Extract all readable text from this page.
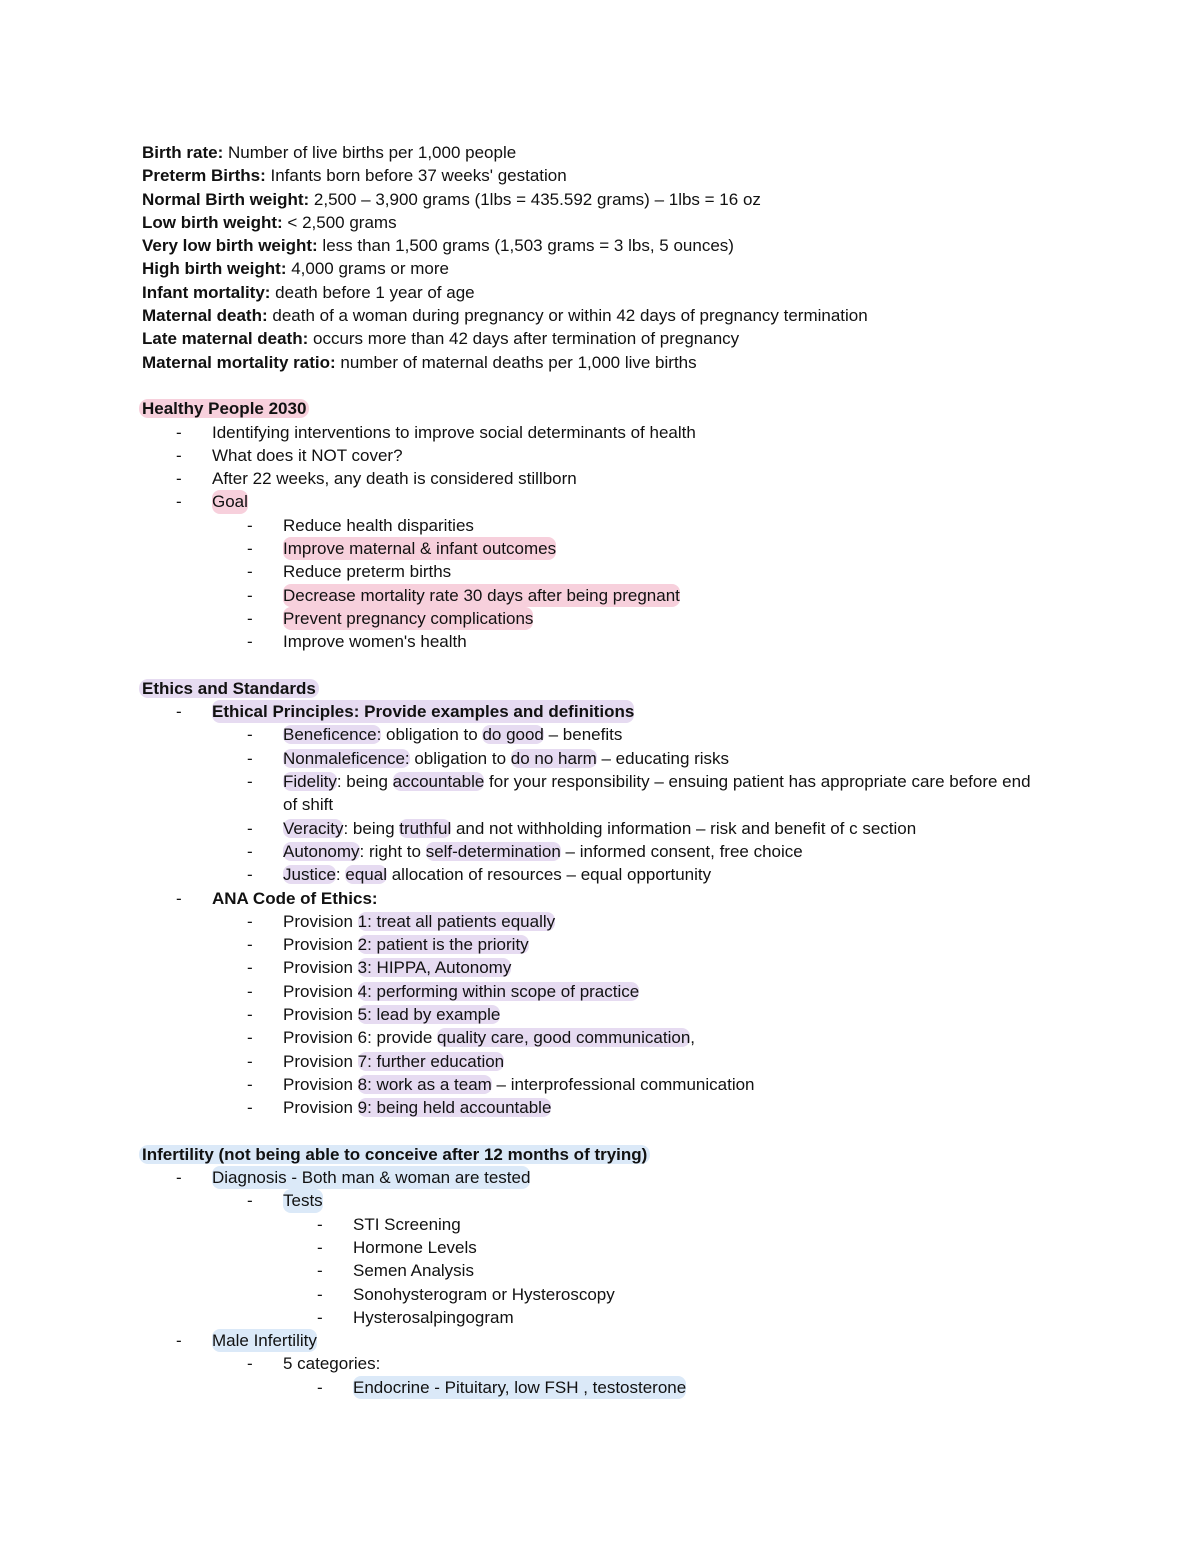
Birth rate: Number of live births per 1,000 people
Preterm Births: Infants born before 37 weeks' gestation
Normal Birth weight: 2,500 – 3,900 grams (1lbs = 435.592 grams) – 1lbs = 16 oz
Low birth weight: < 2,500 grams
Very low birth weight: less than 1,500 grams (1,503 grams = 3 lbs, 5 ounces)
High birth weight: 4,000 grams or more
Infant mortality: death before 1 year of age
Maternal death: death of a woman during pregnancy or within 42 days of pregnancy termination
Late maternal death: occurs more than 42 days after termination of pregnancy
Maternal mortality ratio: number of maternal deaths per 1,000 live births
Healthy People 2030
-	Identifying interventions to improve social determinants of health
-	What does it NOT cover?
-	After 22 weeks, any death is considered stillborn
-	Goal
-	Reduce health disparities
-	Improve maternal & infant outcomes
-	Reduce preterm births
-	Decrease mortality rate 30 days after being pregnant
-	Prevent pregnancy complications
-	Improve women's health
Ethics and Standards
-	Ethical Principles: Provide examples and definitions
-	Beneficence: obligation to do good – benefits
-	Nonmaleficence: obligation to do no harm – educating risks
-	Fidelity: being accountable for your responsibility – ensuing patient has appropriate care before end
of shift
-	Veracity: being truthful and not withholding information – risk and benefit of c section
-	Autonomy: right to self-determination – informed consent, free choice
-	Justice: equal allocation of resources – equal opportunity
-	ANA Code of Ethics:
-	Provision 1: treat all patients equally
-	Provision 2: patient is the priority
-	Provision 3: HIPPA, Autonomy
-	Provision 4: performing within scope of practice
-	Provision 5: lead by example
-	Provision 6: provide quality care, good communication,
-	Provision 7: further education
-	Provision 8: work as a team – interprofessional communication
-	Provision 9: being held accountable
Infertility (not being able to conceive after 12 months of trying)
-	Diagnosis - Both man & woman are tested
-	Tests
-	STI Screening
-	Hormone Levels
-	Semen Analysis
-	Sonohysterogram or Hysteroscopy
-	Hysterosalpingogram
-	Male Infertility
-	5 categories:
-	Endocrine - Pituitary, low FSH , testosterone
